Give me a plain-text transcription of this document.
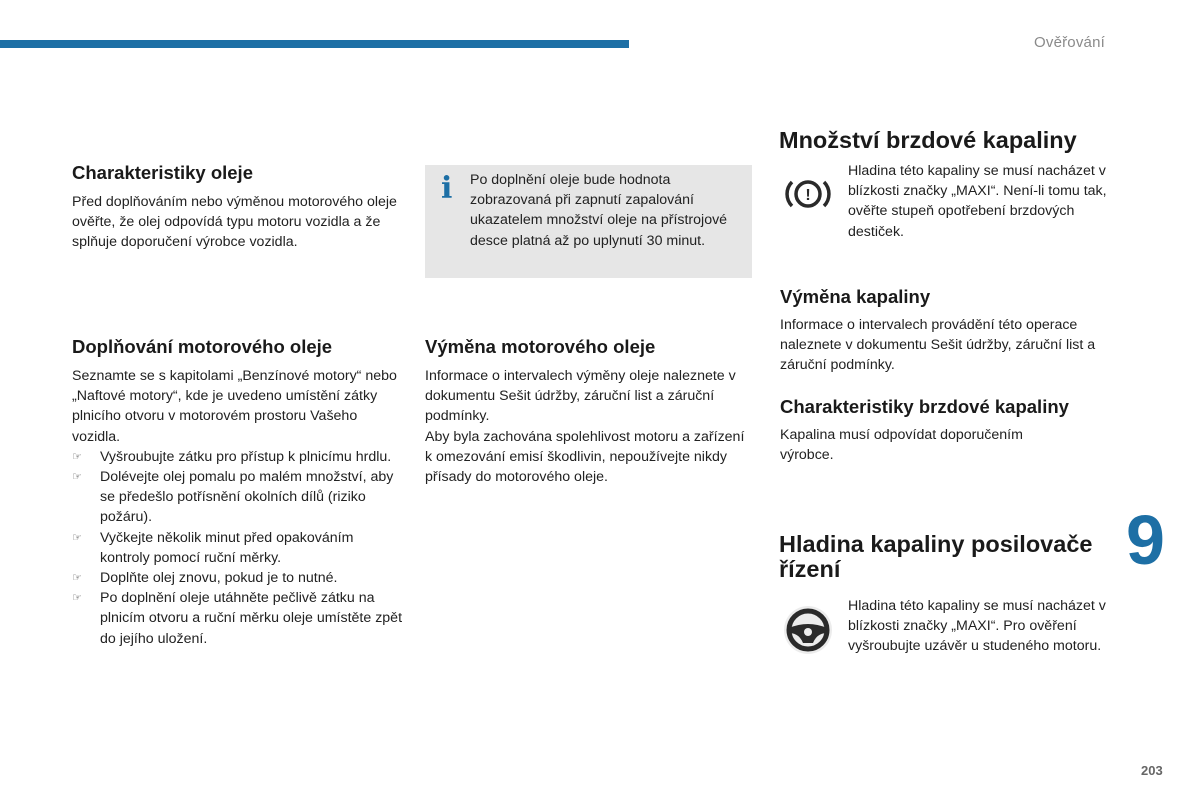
Ověřování
Charakteristiky oleje
Před doplňováním nebo výměnou motorového oleje ověřte, že olej odpovídá typu motoru vozidla a že splňuje doporučení výrobce vozidla.
i Po doplnění oleje bude hodnota zobrazovaná při zapnutí zapalování ukazatelem množství oleje na přístrojové desce platná až po uplynutí 30 minut.
Doplňování motorového oleje
Seznamte se s kapitolami „Benzínové motory“ nebo „Naftové motory“, kde je uvedeno umístění zátky plnicího otvoru v motorovém prostoru Vašeho vozidla.
☞ Vyšroubujte zátku pro přístup k plnicímu hrdlu.
☞ Dolévejte olej pomalu po malém množství, aby se předešlo potřísnění okolních dílů (riziko požáru).
☞ Vyčkejte několik minut před opakováním kontroly pomocí ruční měrky.
☞ Doplňte olej znovu, pokud je to nutné.
☞ Po doplnění oleje utáhněte pečlivě zátku na plnicím otvoru a ruční měrku oleje umístěte zpět do jejího uložení.
Výměna motorového oleje
Informace o intervalech výměny oleje naleznete v dokumentu Sešit údržby, záruční list a záruční podmínky.
Aby byla zachována spolehlivost motoru a zařízení k omezování emisí škodlivin, nepoužívejte nikdy přísady do motorového oleje.
Množství brzdové kapaliny
!
Hladina této kapaliny se musí nacházet v blízkosti značky „MAXI“. Není-li tomu tak, ověřte stupeň opotřebení brzdových destiček.
Výměna kapaliny
Informace o intervalech provádění této operace naleznete v dokumentu Sešit údržby, záruční list a záruční podmínky.
Charakteristiky brzdové kapaliny
Kapalina musí odpovídat doporučením výrobce.
Hladina kapaliny posilovače řízení
Hladina této kapaliny se musí nacházet v blízkosti značky „MAXI“. Pro ověření vyšroubujte uzávěr u studeného motoru.
9
203
